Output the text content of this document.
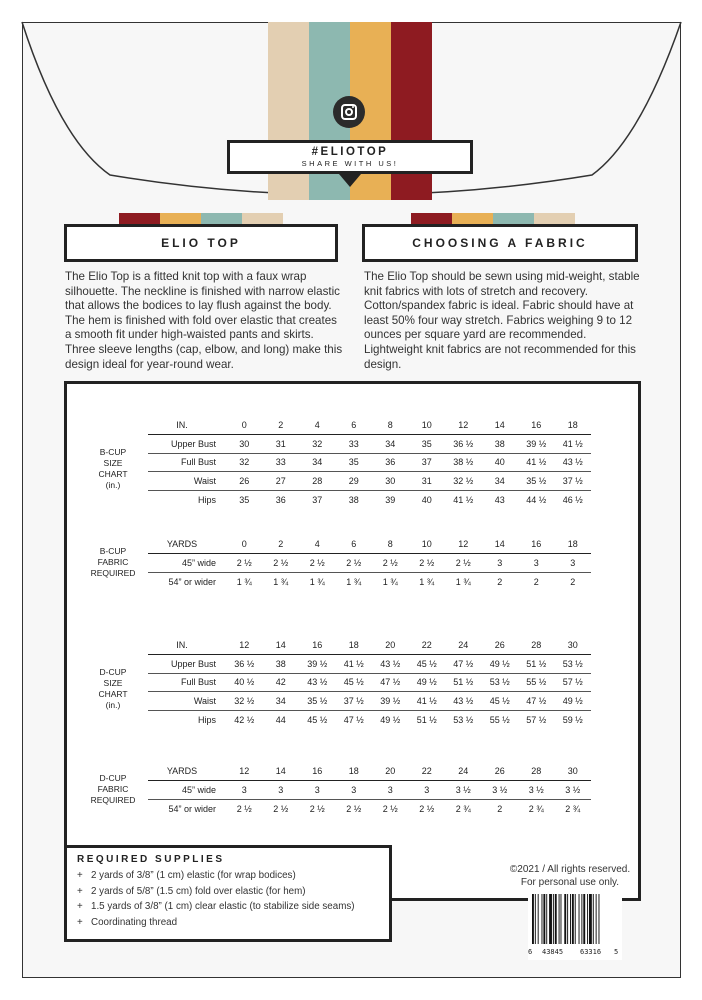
#ELIOTOP
SHARE WITH US!
ELIO TOP	CHOOSING A FABRIC
The Elio Top is a fitted knit top with a faux wrap silhouette. The neckline is finished with narrow elastic that allows the bodices to lay flush against the body. The hem is finished with fold over elastic that creates a smooth fit under high-waisted pants and skirts. Three sleeve lengths (cap, elbow, and long) make this design ideal for year-round wear.
The Elio Top should be sewn using mid-weight, stable knit fabrics with lots of stretch and recovery. Cotton/spandex fabric is ideal. Fabric should have at least 50% four way stretch. Fabrics weighing 9 to 12 ounces per square yard are recommended. Lightweight knit fabrics are not recommended for this design.
B-CUP
SIZE
CHART
(in.)
IN.	0	2	4	6	8	10	12	14	16	18
Upper Bust	30	31	32	33	34	35	36 ½	38	39 ½	41 ½
Full Bust	32	33	34	35	36	37	38 ½	40	41 ½	43 ½
Waist	26	27	28	29	30	31	32 ½	34	35 ½	37 ½
Hips	35	36	37	38	39	40	41 ½	43	44 ½	46 ½
B-CUP
FABRIC
REQUIRED
YARDS	0	2	4	6	8	10	12	14	16	18
45” wide	2 ½	2 ½	2 ½	2 ½	2 ½	2 ½	2 ½	3	3	3
54” or wider	1 ¾	1 ¾	1 ¾	1 ¾	1 ¾	1 ¾	1 ¾	2	2	2
D-CUP
SIZE
CHART
(in.)
IN.	12	14	16	18	20	22	24	26	28	30
Upper Bust	36 ½	38	39 ½	41 ½	43 ½	45 ½	47 ½	49 ½	51 ½	53 ½
Full Bust	40 ½	42	43 ½	45 ½	47 ½	49 ½	51 ½	53 ½	55 ½	57 ½
Waist	32 ½	34	35 ½	37 ½	39 ½	41 ½	43 ½	45 ½	47 ½	49 ½
Hips	42 ½	44	45 ½	47 ½	49 ½	51 ½	53 ½	55 ½	57 ½	59 ½
D-CUP
FABRIC
REQUIRED
YARDS	12	14	16	18	20	22	24	26	28	30
45” wide	3	3	3	3	3	3	3 ½	3 ½	3 ½	3 ½
54” or wider	2 ½	2 ½	2 ½	2 ½	2 ½	2 ½	2 ¾	2	2 ¾	2 ¾
REQUIRED SUPPLIES
+ 2 yards of 3/8” (1 cm) elastic (for wrap bodices)
+ 2 yards of 5/8” (1.5 cm) fold over elastic (for hem)
+ 1.5 yards of 3/8” (1 cm) clear elastic (to stabilize side seams)
+ Coordinating thread
©2021 / All rights reserved.
For personal use only.
6 43845 63316 5
